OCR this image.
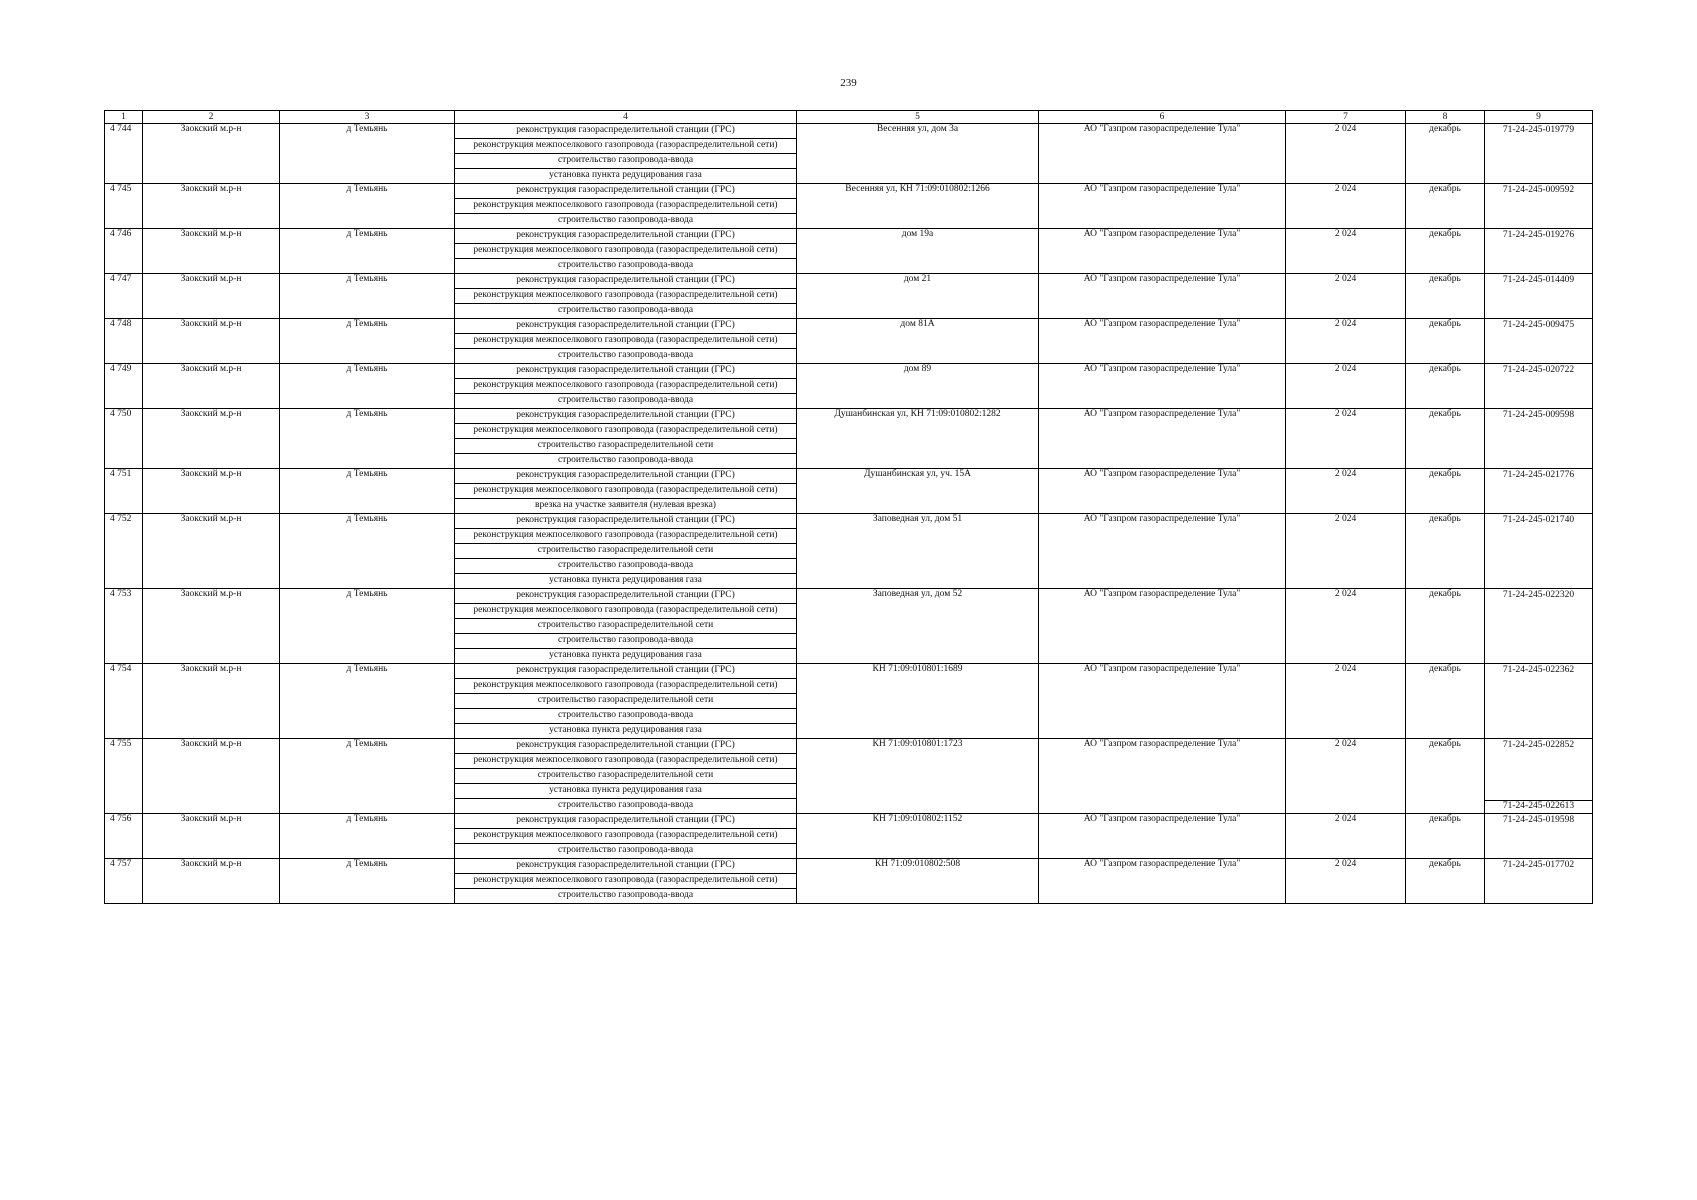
239
1	2	3	4	5	6	7	8	9
4 744	Заокский м.р-н	д Темьянь	реконструкция газораспределительной станции (ГРС)
реконструкция межпоселкового газопровода (газораспределительной сети)
строительство газопровода-ввода
установка пункта редуцирования газа	Весенняя ул, дом 3а	АО "Газпром газораспределение Тула"	2 024	декабрь	71-24-245-019779

4 745	Заокский м.р-н	д Темьянь	реконструкция газораспределительной станции (ГРС)
реконструкция межпоселкового газопровода (газораспределительной сети)
строительство газопровода-ввода	Весенняя ул, КН 71:09:010802:1266	АО "Газпром газораспределение Тула"	2 024	декабрь	71-24-245-009592

4 746	Заокский м.р-н	д Темьянь	реконструкция газораспределительной станции (ГРС)
реконструкция межпоселкового газопровода (газораспределительной сети)
строительство газопровода-ввода	дом 19а	АО "Газпром газораспределение Тула"	2 024	декабрь	71-24-245-019276

4 747	Заокский м.р-н	д Темьянь	реконструкция газораспределительной станции (ГРС)
реконструкция межпоселкового газопровода (газораспределительной сети)
строительство газопровода-ввода	дом 21	АО "Газпром газораспределение Тула"	2 024	декабрь	71-24-245-014409

4 748	Заокский м.р-н	д Темьянь	реконструкция газораспределительной станции (ГРС)
реконструкция межпоселкового газопровода (газораспределительной сети)
строительство газопровода-ввода	дом 81А	АО "Газпром газораспределение Тула"	2 024	декабрь	71-24-245-009475

4 749	Заокский м.р-н	д Темьянь	реконструкция газораспределительной станции (ГРС)
реконструкция межпоселкового газопровода (газораспределительной сети)
строительство газопровода-ввода	дом 89	АО "Газпром газораспределение Тула"	2 024	декабрь	71-24-245-020722

4 750	Заокский м.р-н	д Темьянь	реконструкция газораспределительной станции (ГРС)
реконструкция межпоселкового газопровода (газораспределительной сети)
строительство газораспределительной сети
строительство газопровода-ввода	Душанбинская ул, КН 71:09:010802:1282	АО "Газпром газораспределение Тула"	2 024	декабрь	71-24-245-009598

4 751	Заокский м.р-н	д Темьянь	реконструкция газораспределительной станции (ГРС)
реконструкция межпоселкового газопровода (газораспределительной сети)
врезка на участке заявителя (нулевая врезка)	Душанбинская ул, уч. 15А	АО "Газпром газораспределение Тула"	2 024	декабрь	71-24-245-021776

4 752	Заокский м.р-н	д Темьянь	реконструкция газораспределительной станции (ГРС)
реконструкция межпоселкового газопровода (газораспределительной сети)
строительство газораспределительной сети
строительство газопровода-ввода
установка пункта редуцирования газа	Заповедная ул, дом 51	АО "Газпром газораспределение Тула"	2 024	декабрь	71-24-245-021740

4 753	Заокский м.р-н	д Темьянь	реконструкция газораспределительной станции (ГРС)
реконструкция межпоселкового газопровода (газораспределительной сети)
строительство газораспределительной сети
строительство газопровода-ввода
установка пункта редуцирования газа	Заповедная ул, дом 52	АО "Газпром газораспределение Тула"	2 024	декабрь	71-24-245-022320

4 754	Заокский м.р-н	д Темьянь	реконструкция газораспределительной станции (ГРС)
реконструкция межпоселкового газопровода (газораспределительной сети)
строительство газораспределительной сети
строительство газопровода-ввода
установка пункта редуцирования газа	КН 71:09:010801:1689	АО "Газпром газораспределение Тула"	2 024	декабрь	71-24-245-022362

4 755	Заокский м.р-н	д Темьянь	реконструкция газораспределительной станции (ГРС)
реконструкция межпоселкового газопровода (газораспределительной сети)
строительство газораспределительной сети
установка пункта редуцирования газа
строительство газопровода-ввода	КН 71:09:010801:1723	АО "Газпром газораспределение Тула"	2 024	декабрь	71-24-245-022852
71-24-245-022613

4 756	Заокский м.р-н	д Темьянь	реконструкция газораспределительной станции (ГРС)
реконструкция межпоселкового газопровода (газораспределительной сети)
строительство газопровода-ввода	КН 71:09:010802:1152	АО "Газпром газораспределение Тула"	2 024	декабрь	71-24-245-019598

4 757	Заокский м.р-н	д Темьянь	реконструкция газораспределительной станции (ГРС)
реконструкция межпоселкового газопровода (газораспределительной сети)
строительство газопровода-ввода	КН 71:09:010802:508	АО "Газпром газораспределение Тула"	2 024	декабрь	71-24-245-017702
